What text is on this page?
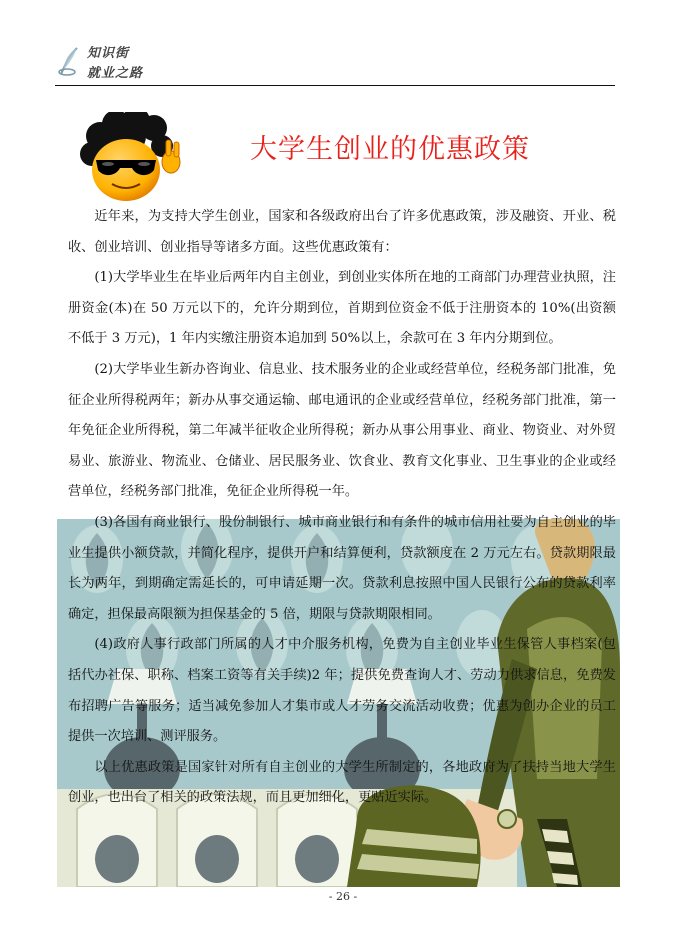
知识街
就业之路
大学生创业的优惠政策

近年来，为支持大学生创业，国家和各级政府出台了许多优惠政策，涉及融资、开业、税收、创业培训、创业指导等诸多方面。这些优惠政策有：

(1)大学毕业生在毕业后两年内自主创业，到创业实体所在地的工商部门办理营业执照，注册资金(本)在 50 万元以下的，允许分期到位，首期到位资金不低于注册资本的 10%(出资额不低于 3 万元)，1 年内实缴注册资本追加到 50%以上，余款可在 3 年内分期到位。

(2)大学毕业生新办咨询业、信息业、技术服务业的企业或经营单位，经税务部门批准，免征企业所得税两年；新办从事交通运输、邮电通讯的企业或经营单位，经税务部门批准，第一年免征企业所得税，第二年减半征收企业所得税；新办从事公用事业、商业、物资业、对外贸易业、旅游业、物流业、仓储业、居民服务业、饮食业、教育文化事业、卫生事业的企业或经营单位，经税务部门批准，免征企业所得税一年。

(3)各国有商业银行、股份制银行、城市商业银行和有条件的城市信用社要为自主创业的毕业生提供小额贷款，并简化程序，提供开户和结算便利，贷款额度在 2 万元左右。贷款期限最长为两年，到期确定需延长的，可申请延期一次。贷款利息按照中国人民银行公布的贷款利率确定，担保最高限额为担保基金的 5 倍，期限与贷款期限相同。

(4)政府人事行政部门所属的人才中介服务机构，免费为自主创业毕业生保管人事档案(包括代办社保、职称、档案工资等有关手续)2 年；提供免费查询人才、劳动力供求信息，免费发布招聘广告等服务；适当减免参加人才集市或人才劳务交流活动收费；优惠为创办企业的员工提供一次培训、测评服务。

以上优惠政策是国家针对所有自主创业的大学生所制定的，各地政府为了扶持当地大学生创业，也出台了相关的政策法规，而且更加细化，更贴近实际。

- 26 -
